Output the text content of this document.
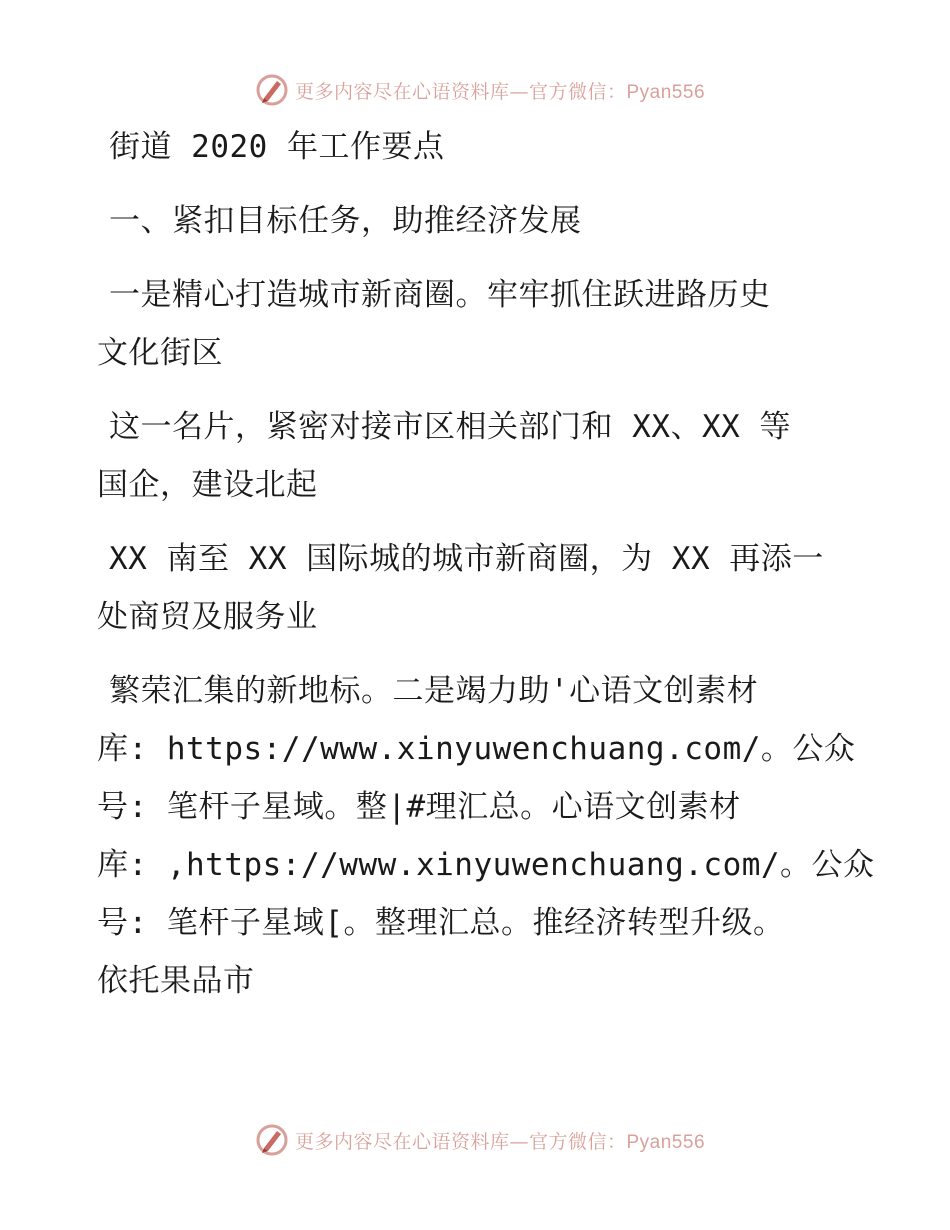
更多内容尽在心语资料库—官方微信：Pyan556
街道 2020 年工作要点
一、紧扣目标任务，助推经济发展
一是精心打造城市新商圈。牢牢抓住跃进路历史
文化街区
这一名片，紧密对接市区相关部门和 XX、XX 等
国企，建设北起
XX 南至 XX 国际城的城市新商圈，为 XX 再添一
处商贸及服务业
繁荣汇集的新地标。二是竭力助'心语文创素材
库: https://www.xinyuwenchuang.com/。公众
号: 笔杆子星域。整|#理汇总。心语文创素材
库: ,https://www.xinyuwenchuang.com/。公众
号: 笔杆子星域[。整理汇总。推经济转型升级。
依托果品市
更多内容尽在心语资料库—官方微信：Pyan556
